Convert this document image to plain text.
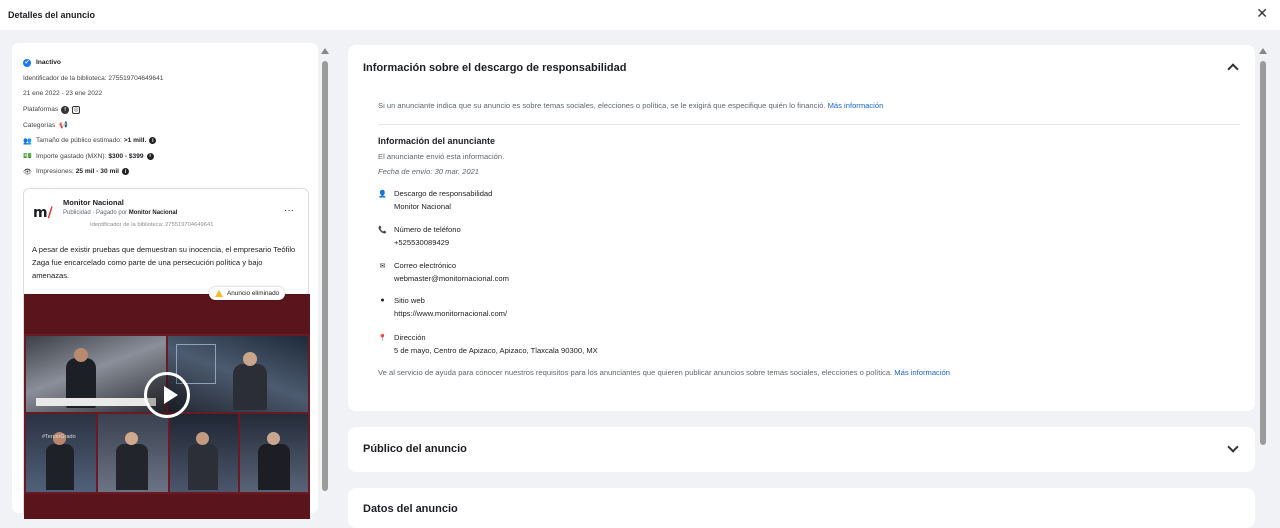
Detalles del anuncio	✕
✔ Inactivo
Identificador de la biblioteca: 275519704649641
21 ene 2022 - 23 ene 2022
Plataformas	f	◎
Categorías 📢
👥 Tamaño de público estimado: >1 mill.	i
💵 Importe gastado (MXN): $300 - $399	i
👁 Impresiones: 25 mil - 30 mil	i
m/
Monitor Nacional
Publicidad · Pagado por Monitor Nacional
Identificador de la biblioteca: 275519704649641
···
A pesar de existir pruebas que demuestran su inocencia, el empresario Teófilo Zaga fue encarcelado como parte de una persecución política y bajo amenazas.
#TercerGrado
Anuncio eliminado
Información sobre el descargo de responsabilidad
Si un anunciante indica que su anuncio es sobre temas sociales, elecciones o política, se le exigirá que especifique quién lo financió. Más información
Información del anunciante
El anunciante envió esta información.
Fecha de envío: 30 mar. 2021
👤 Descargo de responsabilidad
Monitor Nacional
📞 Número de teléfono
+525530089429
✉ Correo electrónico
webmaster@monitornacional.com
●	Sitio web
https://www.monitornacional.com/
📍 Dirección
5 de mayo, Centro de Apizaco, Apizaco, Tlaxcala 90300, MX
Ve al servicio de ayuda para conocer nuestros requisitos para los anunciantes que quieren publicar anuncios sobre temas sociales, elecciones o política. Más información
Público del anuncio
Datos del anuncio
